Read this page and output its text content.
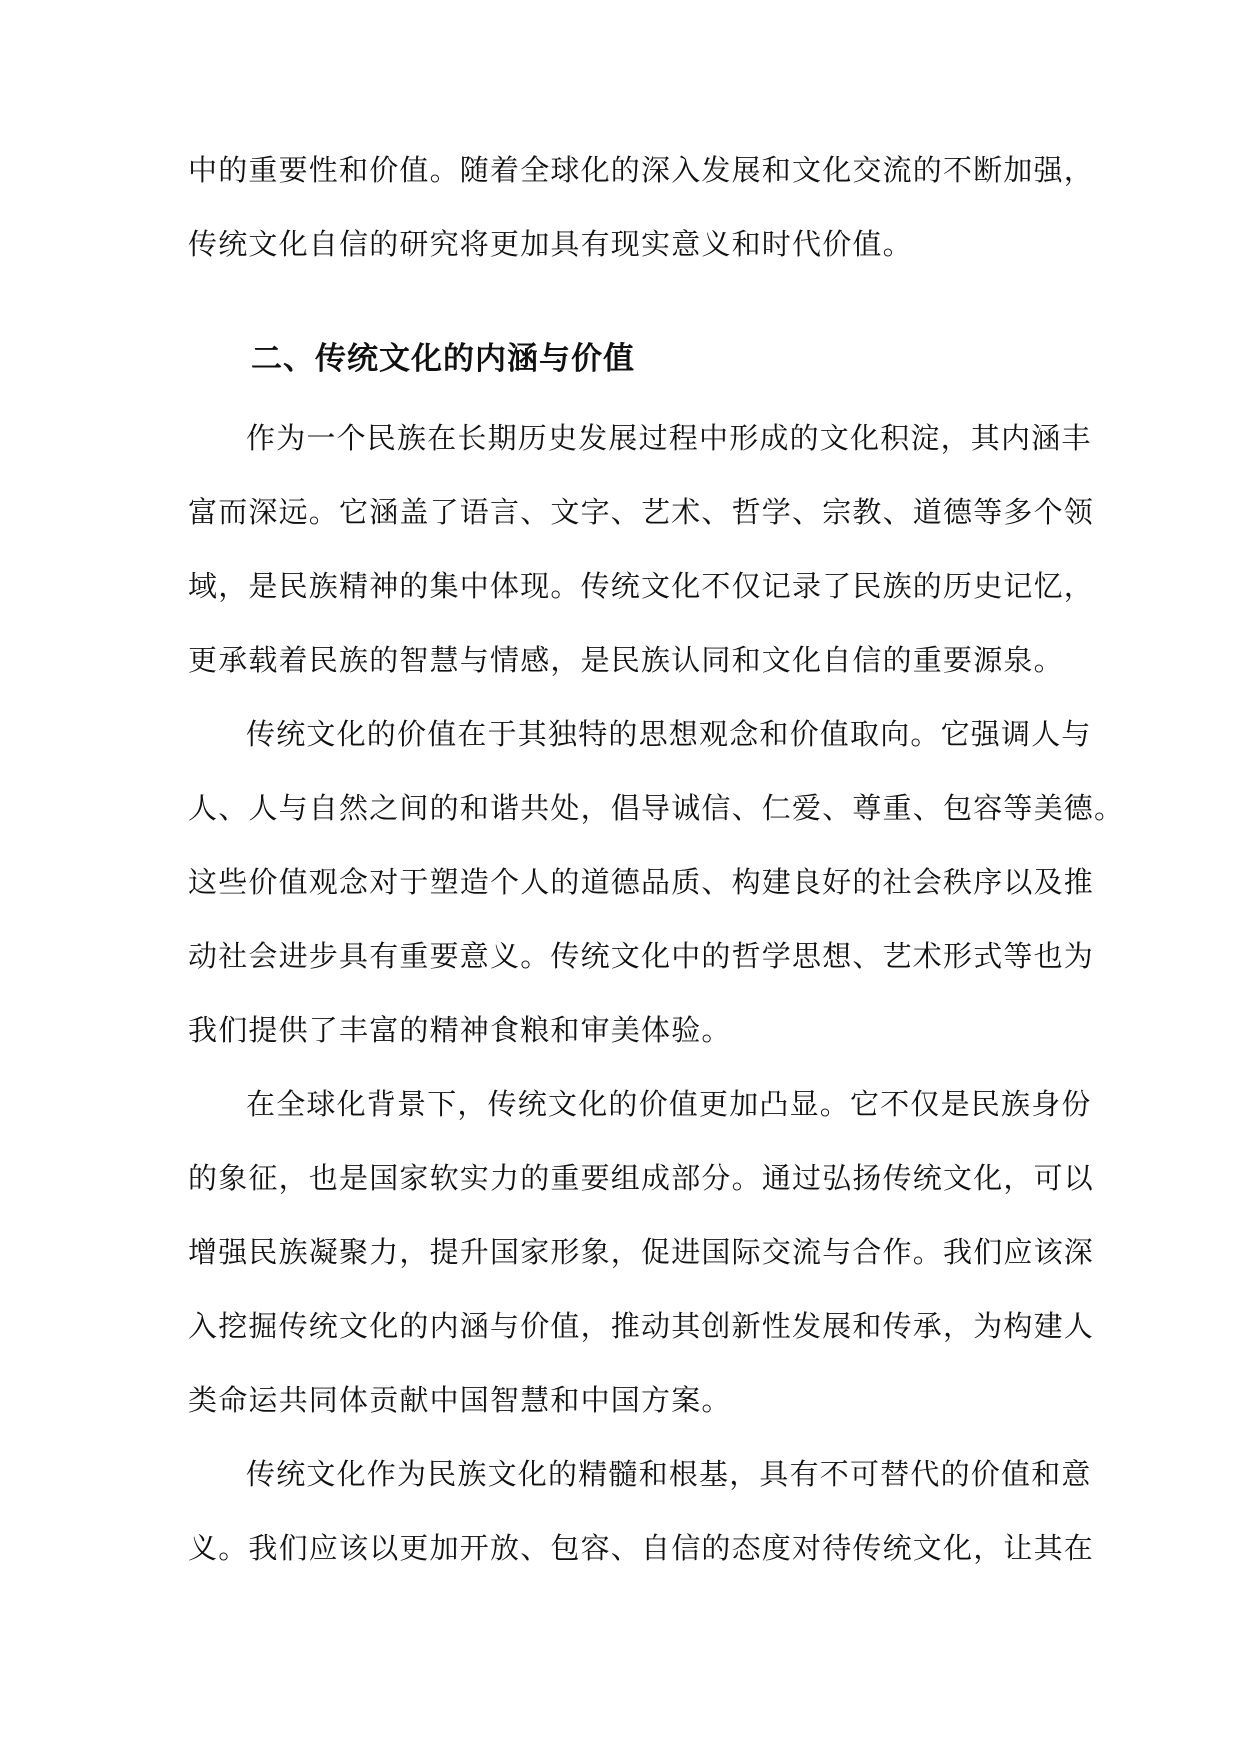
中的重要性和价值。随着全球化的深入发展和文化交流的不断加强，
传统文化自信的研究将更加具有现实意义和时代价值。
二、传统文化的内涵与价值
作为一个民族在长期历史发展过程中形成的文化积淀，其内涵丰
富而深远。它涵盖了语言、文字、艺术、哲学、宗教、道德等多个领
域，是民族精神的集中体现。传统文化不仅记录了民族的历史记忆，
更承载着民族的智慧与情感，是民族认同和文化自信的重要源泉。
传统文化的价值在于其独特的思想观念和价值取向。它强调人与
人、人与自然之间的和谐共处，倡导诚信、仁爱、尊重、包容等美德。
这些价值观念对于塑造个人的道德品质、构建良好的社会秩序以及推
动社会进步具有重要意义。传统文化中的哲学思想、艺术形式等也为
我们提供了丰富的精神食粮和审美体验。
在全球化背景下，传统文化的价值更加凸显。它不仅是民族身份
的象征，也是国家软实力的重要组成部分。通过弘扬传统文化，可以
增强民族凝聚力，提升国家形象，促进国际交流与合作。我们应该深
入挖掘传统文化的内涵与价值，推动其创新性发展和传承，为构建人
类命运共同体贡献中国智慧和中国方案。
传统文化作为民族文化的精髓和根基，具有不可替代的价值和意
义。我们应该以更加开放、包容、自信的态度对待传统文化，让其在
